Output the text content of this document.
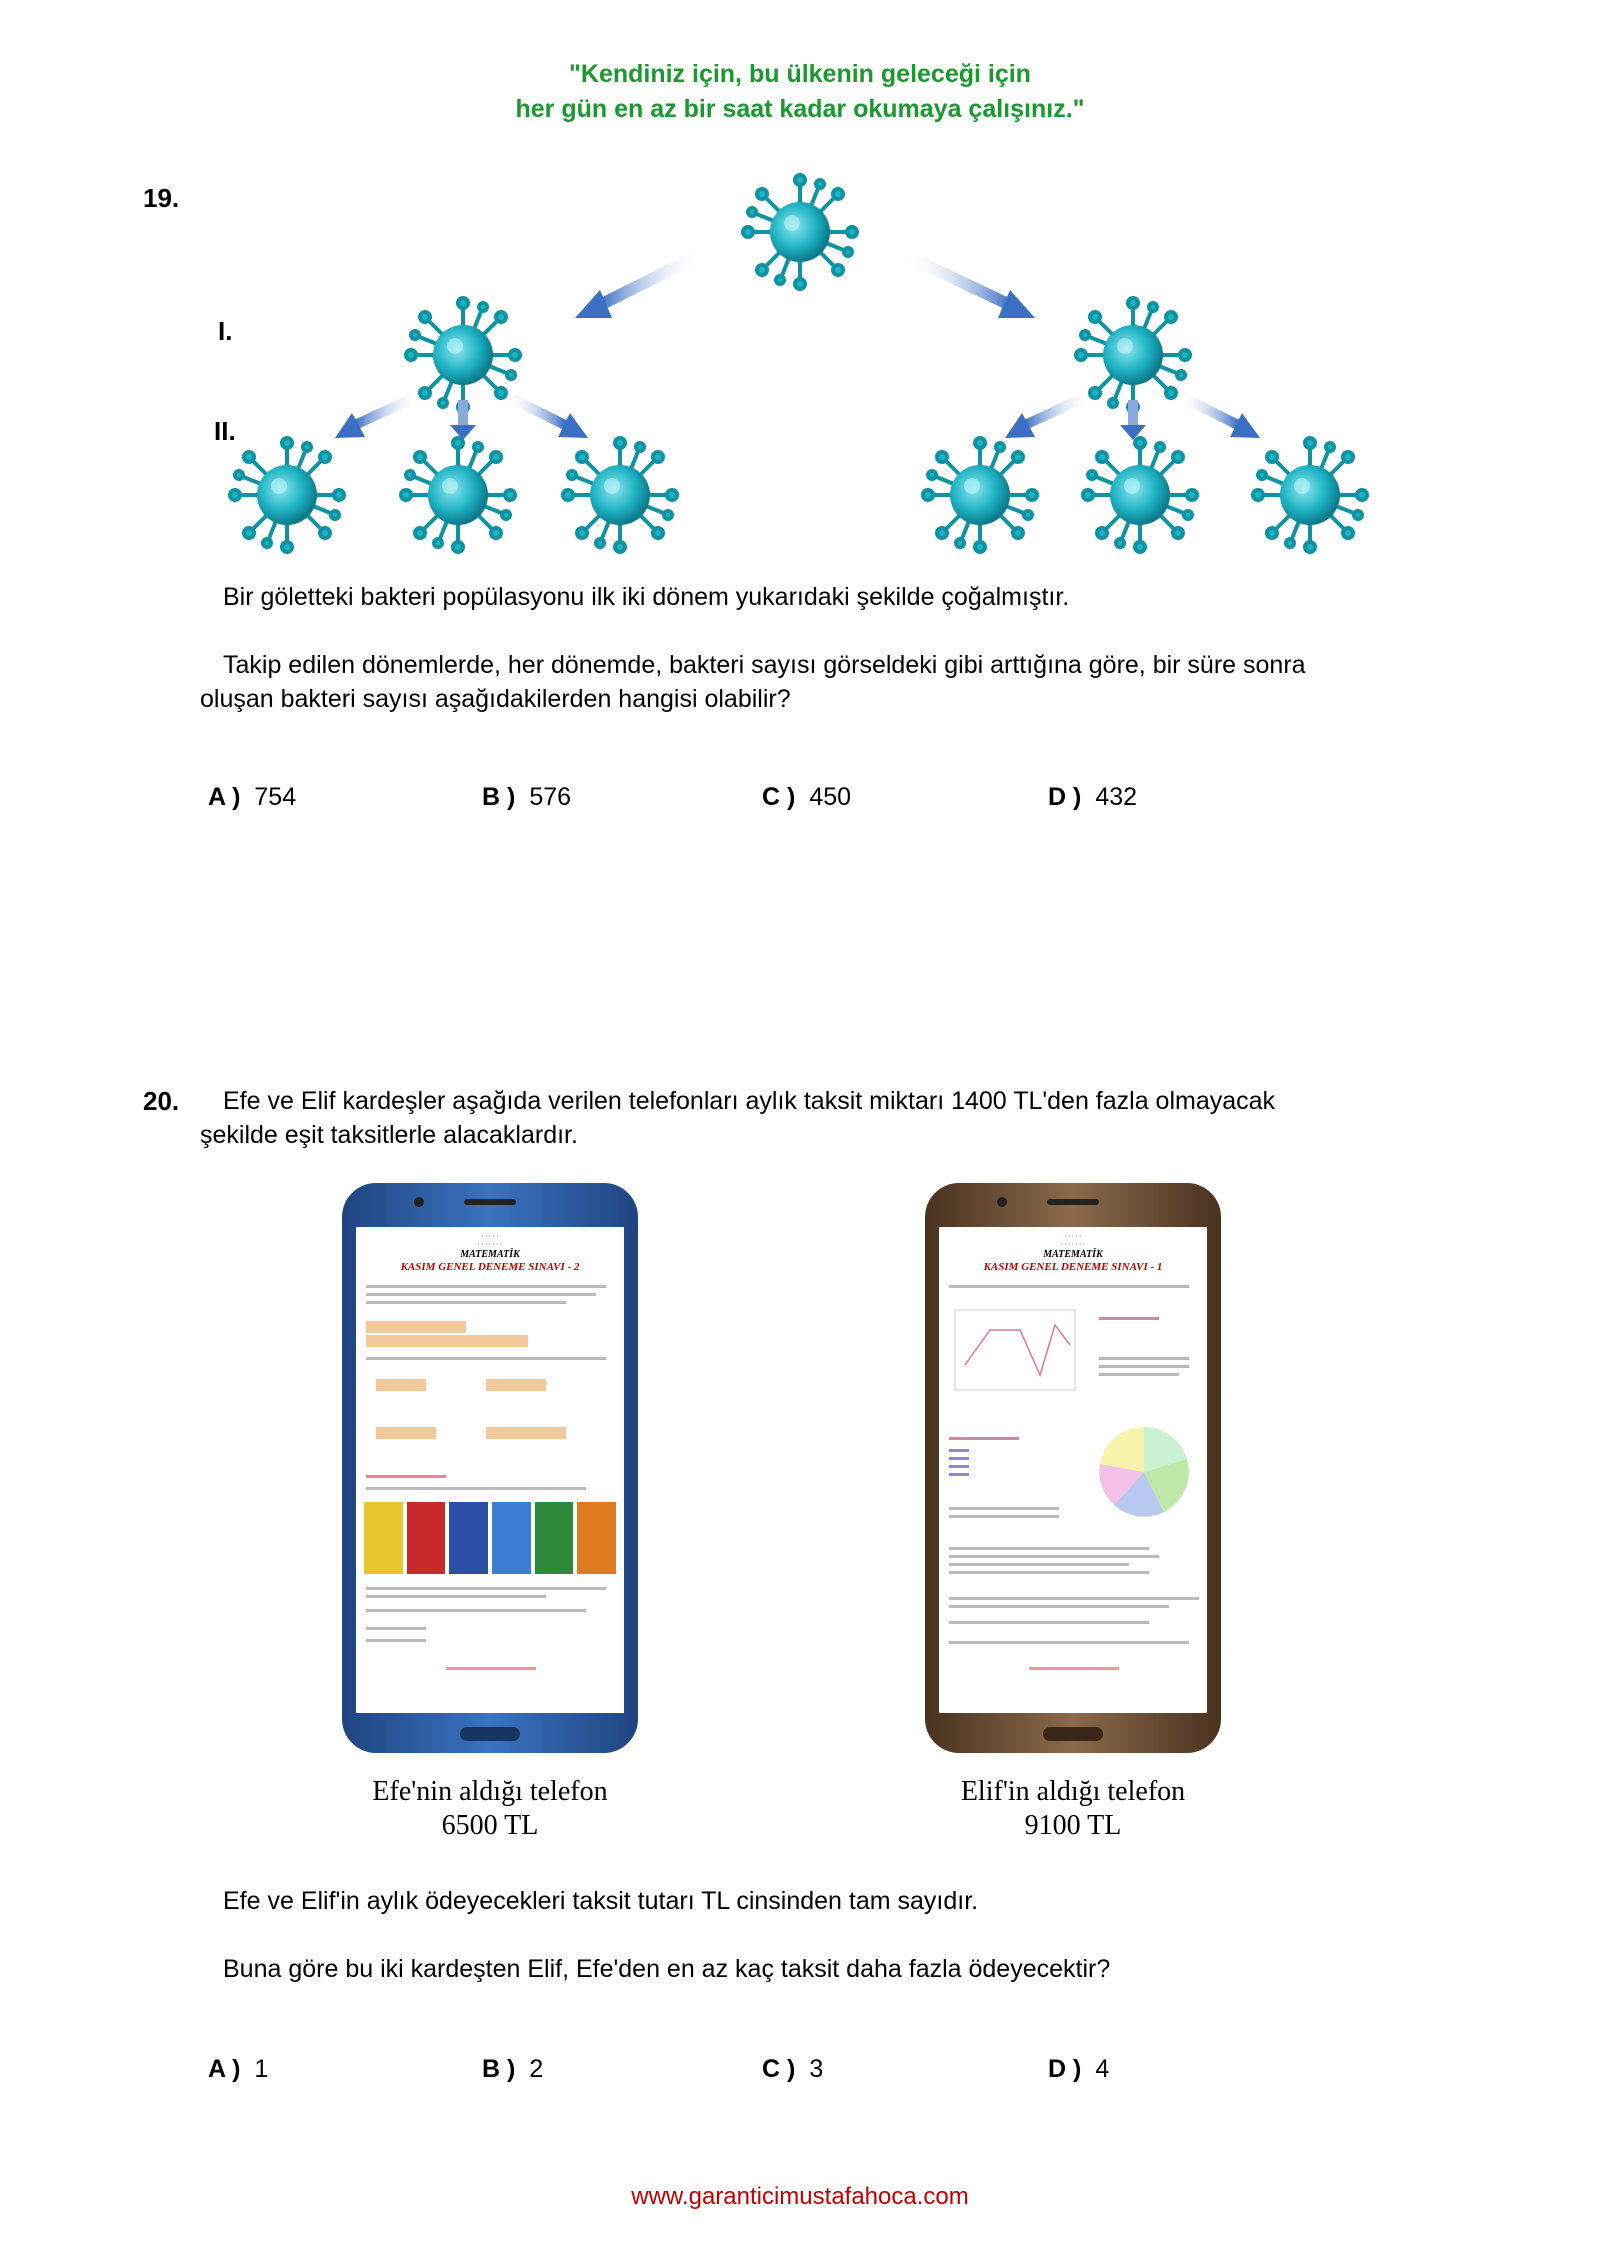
"Kendiniz için, bu ülkenin geleceği için
her gün en az bir saat kadar okumaya çalışınız."
19.
I.
II.
Bir göletteki bakteri popülasyonu ilk iki dönem yukarıdaki şekilde çoğalmıştır.
Takip edilen dönemlerde, her dönemde, bakteri sayısı görseldeki gibi arttığına göre, bir süre sonra
oluşan bakteri sayısı aşağıdakilerden hangisi olabilir?
A ) 754	B ) 576	C ) 450	D ) 432
20. Efe ve Elif kardeşler aşağıda verilen telefonları aylık taksit miktarı 1400 TL'den fazla olmayacak
şekilde eşit taksitlerle alacaklardır.
· · · · ·
· · · · · · ·
MATEMATİK
KASIM GENEL DENEME SINAVI - 2
· · · · ·
· · · · · · ·
MATEMATİK
KASIM GENEL DENEME SINAVI - 1
Efe'nin aldığı telefon
6500 TL
Elif'in aldığı telefon
9100 TL
Efe ve Elif'in aylık ödeyecekleri taksit tutarı TL cinsinden tam sayıdır.
Buna göre bu iki kardeşten Elif, Efe'den en az kaç taksit daha fazla ödeyecektir?
A ) 1	B ) 2	C ) 3	D ) 4
www.garanticimustafahoca.com
